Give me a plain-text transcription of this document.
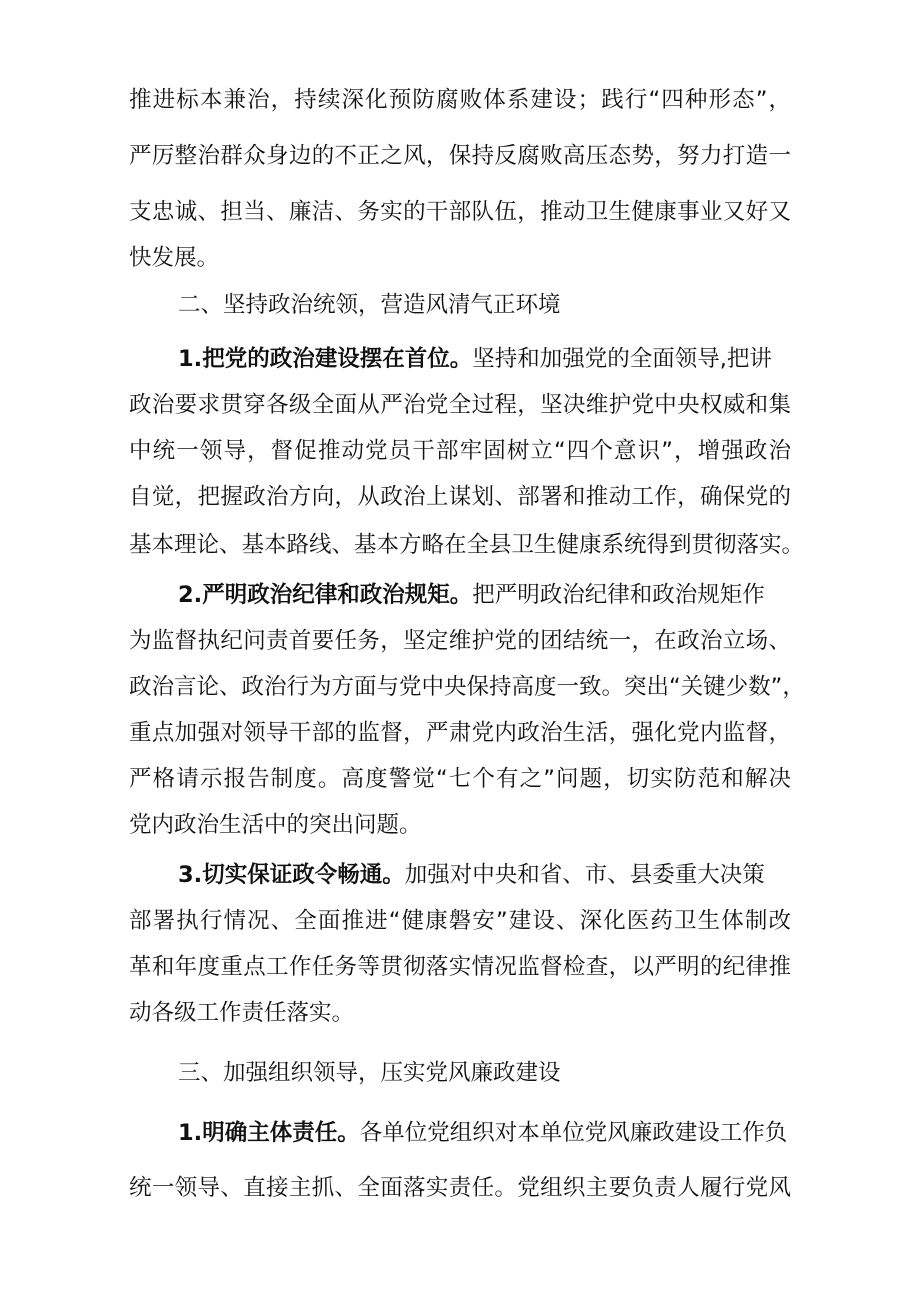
推进标本兼治，持续深化预防腐败体系建设；践行“四种形态”，
严厉整治群众身边的不正之风，保持反腐败高压态势，努力打造一
支忠诚、担当、廉洁、务实的干部队伍，推动卫生健康事业又好又
快发展。
二、坚持政治统领，营造风清气正环境
1.把党的政治建设摆在首位。坚持和加强党的全面领导,把讲
政治要求贯穿各级全面从严治党全过程，坚决维护党中央权威和集
中统一领导，督促推动党员干部牢固树立“四个意识”，增强政治
自觉，把握政治方向，从政治上谋划、部署和推动工作，确保党的
基本理论、基本路线、基本方略在全县卫生健康系统得到贯彻落实。
2.严明政治纪律和政治规矩。把严明政治纪律和政治规矩作
为监督执纪问责首要任务，坚定维护党的团结统一，在政治立场、
政治言论、政治行为方面与党中央保持高度一致。突出“关键少数”，
重点加强对领导干部的监督，严肃党内政治生活，强化党内监督，
严格请示报告制度。高度警觉“七个有之”问题，切实防范和解决
党内政治生活中的突出问题。
3.切实保证政令畅通。加强对中央和省、市、县委重大决策
部署执行情况、全面推进“健康磐安”建设、深化医药卫生体制改
革和年度重点工作任务等贯彻落实情况监督检查，以严明的纪律推
动各级工作责任落实。
三、加强组织领导，压实党风廉政建设
1.明确主体责任。各单位党组织对本单位党风廉政建设工作负
统一领导、直接主抓、全面落实责任。党组织主要负责人履行党风
